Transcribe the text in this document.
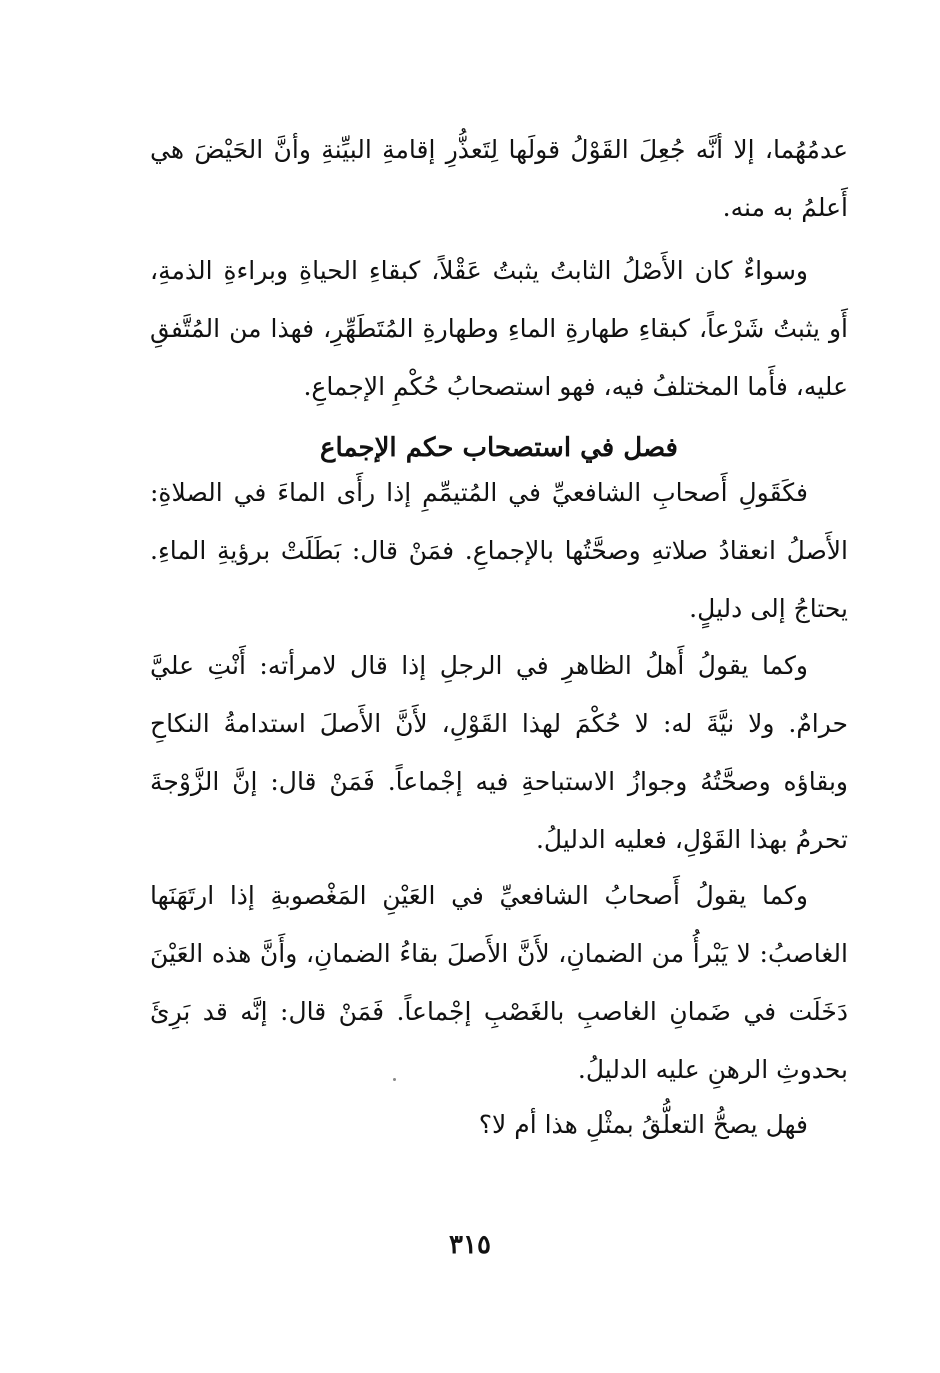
عدمُهُما، إلا أنَّه جُعِلَ القَوْلُ قولَها لِتَعذُّرِ إقامةِ البيِّنةِ وأنَّ الحَيْضَ هي أَعلمُ به منه.

وسواءٌ كان الأَصْلُ الثابتُ يثبتُ عَقْلاً، كبقاءِ الحياةِ وبراءةِ الذمةِ، أَو يثبتُ شَرْعاً، كبقاءِ طهارةِ الماءِ وطهارةِ المُتَطَهِّرِ، فهذا من المُتَّفقِ عليه، فأَما المختلفُ فيه، فهو استصحابُ حُكْمِ الإجماعِ.

فصل في استصحاب حكم الإجماع

فكَقَولِ أَصحابِ الشافعيِّ في المُتيمِّمِ إذا رأَى الماءَ في الصلاةِ: الأَصلُ انعقادُ صلاتهِ وصحَّتُها بالإجماعِ. فمَنْ قال: بَطَلَتْ برؤيةِ الماءِ. يحتاجُ إلى دليلٍ.

وكما يقولُ أَهلُ الظاهرِ في الرجلِ إذا قال لامرأته: أَنْتِ عليَّ حرامٌ. ولا نيَّةَ له: لا حُكْمَ لهذا القَوْلِ، لأَنَّ الأَصلَ استدامةُ النكاحِ وبقاؤه وصحَّتُهُ وجوازُ الاستباحةِ فيه إجْماعاً. فَمَنْ قال: إنَّ الزَّوْجةَ تحرمُ بهذا القَوْلِ، فعليه الدليلُ.

وكما يقولُ أَصحابُ الشافعيِّ في العَيْنِ المَغْصوبةِ إذا ارتَهَنَها الغاصبُ: لا يَبْرأُ من الضمانِ، لأَنَّ الأَصلَ بقاءُ الضمانِ، وأَنَّ هذه العَيْنَ دَخَلَت في ضَمانِ الغاصبِ بالغَصْبِ إجْماعاً. فَمَنْ قال: إنَّه قد بَرِئَ بحدوثِ الرهنِ عليه الدليلُ.

فهل يصحُّ التعلُّقُ بمثْلِ هذا أم لا؟

٣١٥
